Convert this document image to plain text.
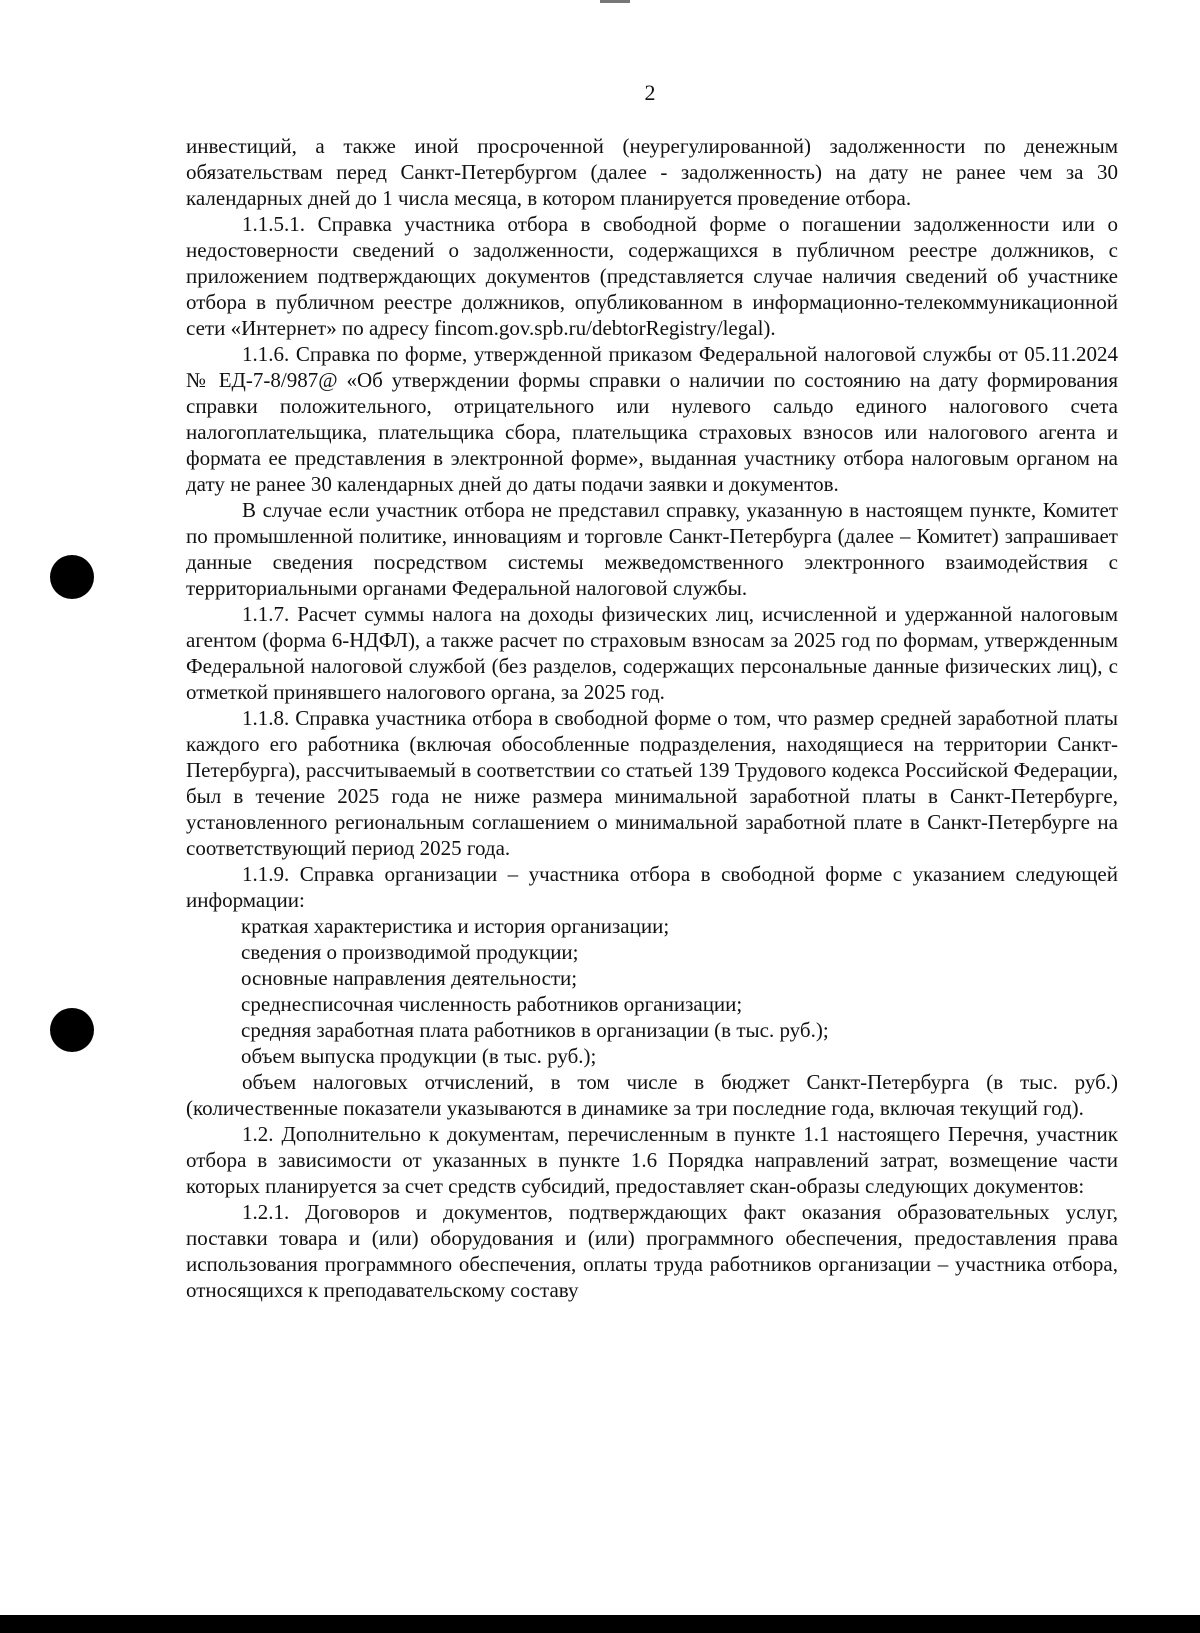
2

инвестиций, а также иной просроченной (неурегулированной) задолженности по денежным обязательствам перед Санкт-Петербургом (далее - задолженность) на дату не ранее чем за 30 календарных дней до 1 числа месяца, в котором планируется проведение отбора.

1.1.5.1. Справка участника отбора в свободной форме о погашении задолженности или о недостоверности сведений о задолженности, содержащихся в публичном реестре должников, с приложением подтверждающих документов (представляется случае наличия сведений об участнике отбора в публичном реестре должников, опубликованном в информационно-телекоммуникационной сети «Интернет» по адресу fincom.gov.spb.ru/debtorRegistry/legal).

1.1.6. Справка по форме, утвержденной приказом Федеральной налоговой службы от 05.11.2024 № ЕД-7-8/987@ «Об утверждении формы справки о наличии по состоянию на дату формирования справки положительного, отрицательного или нулевого сальдо единого налогового счета налогоплательщика, плательщика сбора, плательщика страховых взносов или налогового агента и формата ее представления в электронной форме», выданная участнику отбора налоговым органом на дату не ранее 30 календарных дней до даты подачи заявки и документов.

В случае если участник отбора не представил справку, указанную в настоящем пункте, Комитет по промышленной политике, инновациям и торговле Санкт-Петербурга (далее – Комитет) запрашивает данные сведения посредством системы межведомственного электронного взаимодействия с территориальными органами Федеральной налоговой службы.

1.1.7. Расчет суммы налога на доходы физических лиц, исчисленной и удержанной налоговым агентом (форма 6-НДФЛ), а также расчет по страховым взносам за 2025 год по формам, утвержденным Федеральной налоговой службой (без разделов, содержащих персональные данные физических лиц), с отметкой принявшего налогового органа, за 2025 год.

1.1.8. Справка участника отбора в свободной форме о том, что размер средней заработной платы каждого его работника (включая обособленные подразделения, находящиеся на территории Санкт-Петербурга), рассчитываемый в соответствии со статьей 139 Трудового кодекса Российской Федерации, был в течение 2025 года не ниже размера минимальной заработной платы в Санкт-Петербурге, установленного региональным соглашением о минимальной заработной плате в Санкт-Петербурге на соответствующий период 2025 года.

1.1.9. Справка организации – участника отбора в свободной форме с указанием следующей информации:

краткая характеристика и история организации;

сведения о производимой продукции;

основные направления деятельности;

среднесписочная численность работников организации;

средняя заработная плата работников в организации (в тыс. руб.);

объем выпуска продукции (в тыс. руб.);

объем налоговых отчислений, в том числе в бюджет Санкт-Петербурга (в тыс. руб.) (количественные показатели указываются в динамике за три последние года, включая текущий год).

1.2. Дополнительно к документам, перечисленным в пункте 1.1 настоящего Перечня, участник отбора в зависимости от указанных в пункте 1.6 Порядка направлений затрат, возмещение части которых планируется за счет средств субсидий, предоставляет скан-образы следующих документов:

1.2.1. Договоров и документов, подтверждающих факт оказания образовательных услуг, поставки товара и (или) оборудования и (или) программного обеспечения, предоставления права использования программного обеспечения, оплаты труда работников организации – участника отбора, относящихся к преподавательскому составу
